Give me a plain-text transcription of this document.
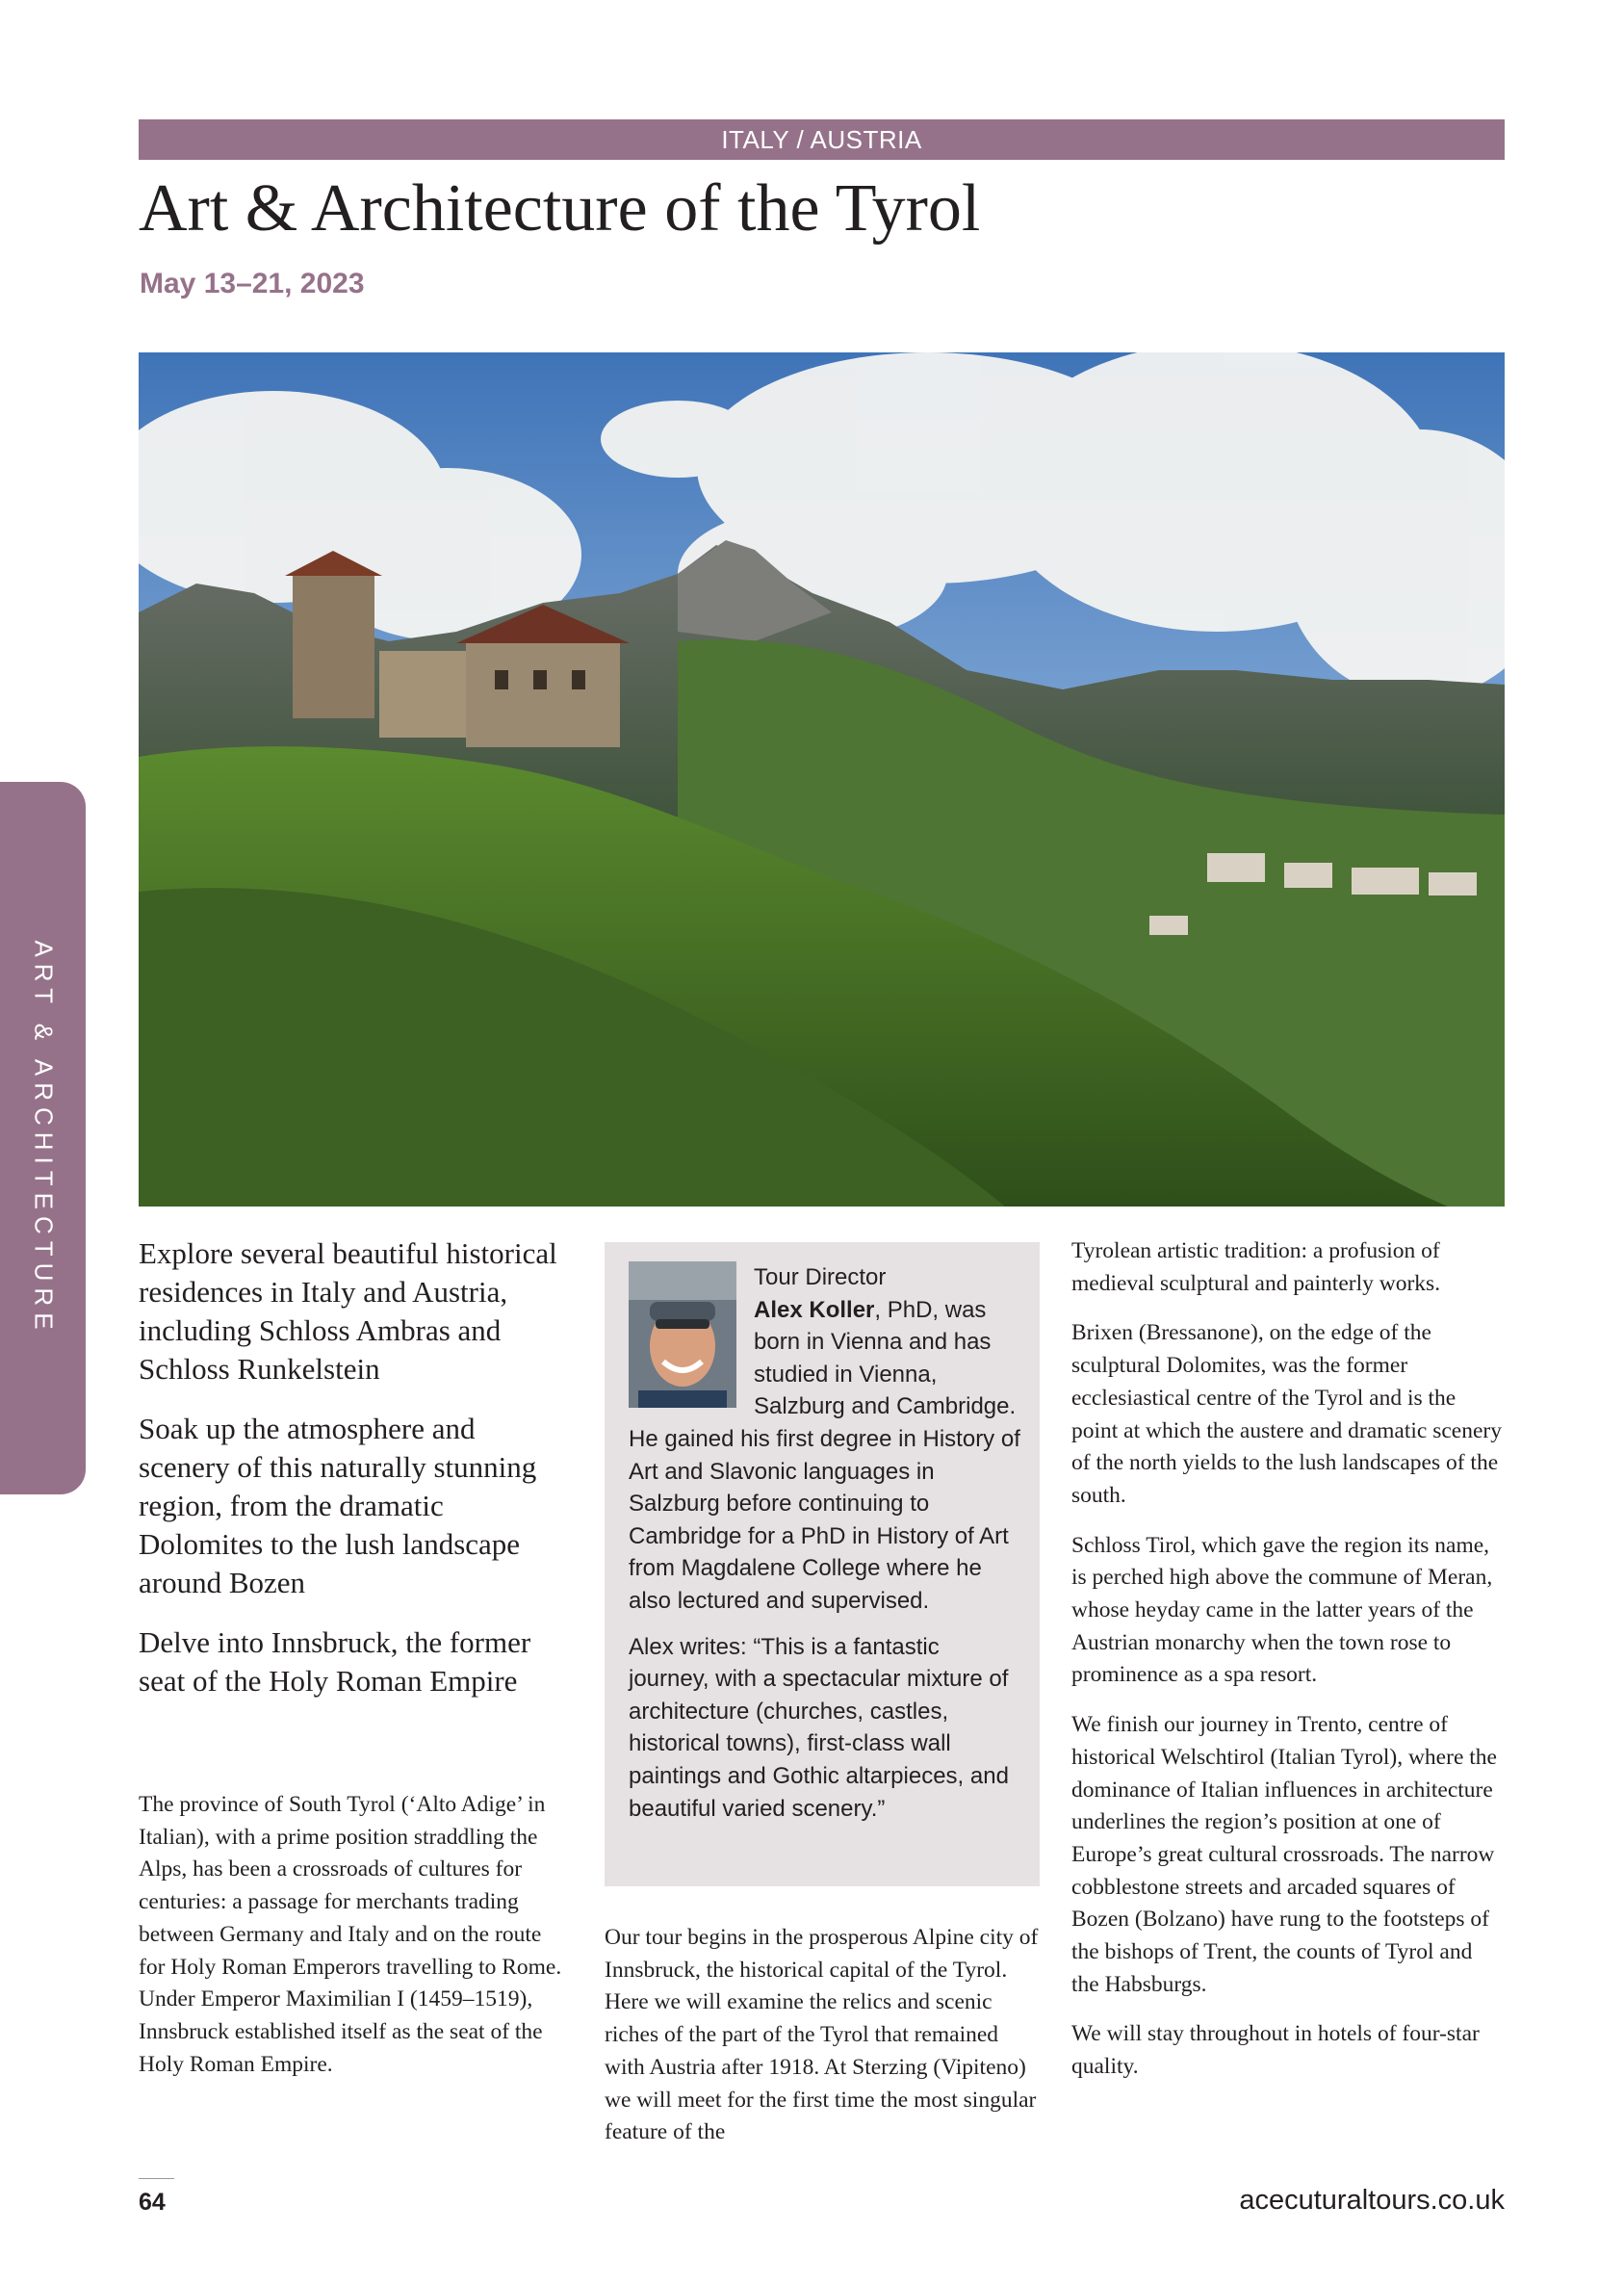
ITALY / AUSTRIA
Art & Architecture of the Tyrol
May 13–21, 2023
ART & ARCHITECTURE	Explore several beautiful historical residences in Italy and Austria, including Schloss Ambras and Schloss Runkelstein

Soak up the atmosphere and scenery of this naturally stunning region, from the dramatic Dolomites to the lush landscape around Bozen

Delve into Innsbruck, the former seat of the Holy Roman Empire

The province of South Tyrol (‘Alto Adige’ in Italian), with a prime position straddling the Alps, has been a crossroads of cultures for centuries: a passage for merchants trading between Germany and Italy and on the route for Holy Roman Emperors travelling to Rome. Under Emperor Maximilian I (1459–1519), Innsbruck established itself as the seat of the Holy Roman Empire.

Tour Director
Alex Koller, PhD, was born in Vienna and has studied in Vienna, Salzburg and Cambridge. He gained his first degree in History of Art and Slavonic languages in Salzburg before continuing to Cambridge for a PhD in History of Art from Magdalene College where he also lectured and supervised.

Alex writes: “This is a fantastic journey, with a spectacular mixture of architecture (churches, castles, historical towns), first-class wall paintings and Gothic altarpieces, and beautiful varied scenery.”

Our tour begins in the prosperous Alpine city of Innsbruck, the historical capital of the Tyrol. Here we will examine the relics and scenic riches of the part of the Tyrol that remained with Austria after 1918. At Sterzing (Vipiteno) we will meet for the first time the most singular feature of the

Tyrolean artistic tradition: a profusion of medieval sculptural and painterly works.

Brixen (Bressanone), on the edge of the sculptural Dolomites, was the former ecclesiastical centre of the Tyrol and is the point at which the austere and dramatic scenery of the north yields to the lush landscapes of the south.

Schloss Tirol, which gave the region its name, is perched high above the commune of Meran, whose heyday came in the latter years of the Austrian monarchy when the town rose to prominence as a spa resort.

We finish our journey in Trento, centre of historical Welschtirol (Italian Tyrol), where the dominance of Italian influences in architecture underlines the region’s position at one of Europe’s great cultural crossroads. The narrow cobblestone streets and arcaded squares of Bozen (Bolzano) have rung to the footsteps of the bishops of Trent, the counts of Tyrol and the Habsburgs.

We will stay throughout in hotels of four-star quality.

64	acecuturaltours.co.uk
